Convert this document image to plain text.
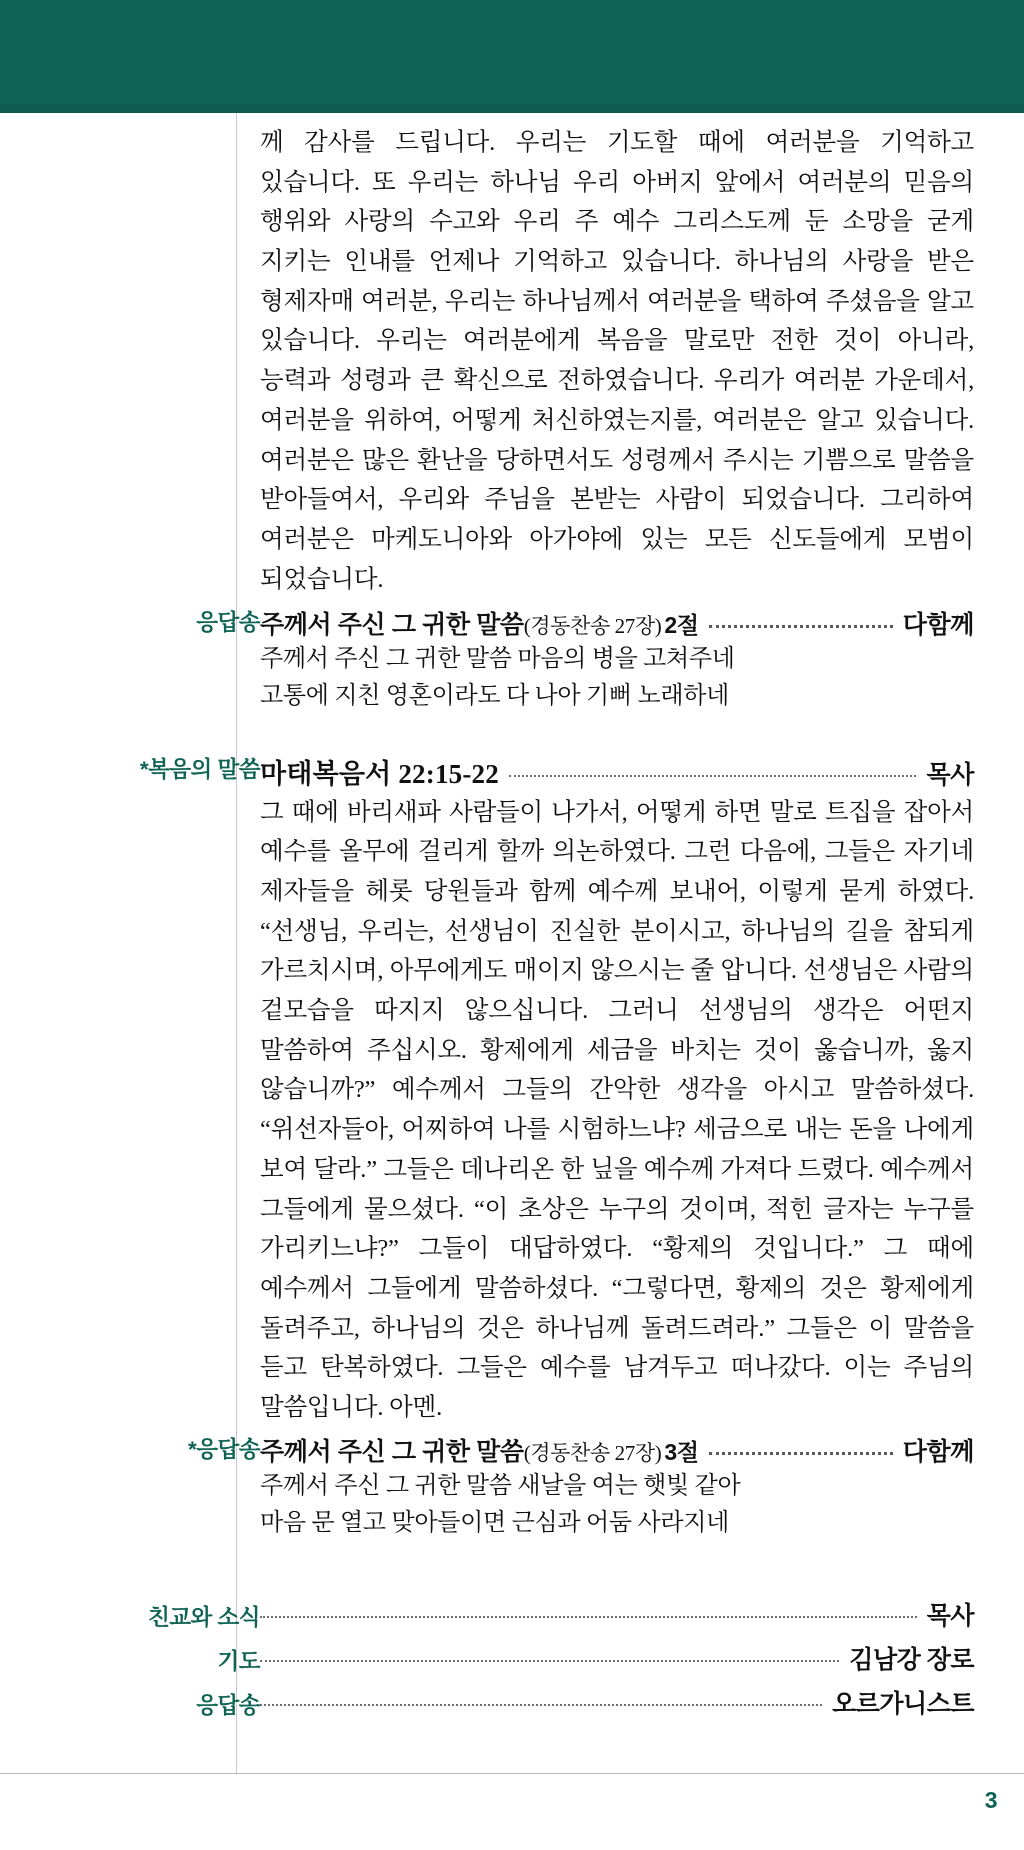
께 감사를 드립니다. 우리는 기도할 때에 여러분을 기억하고 있습니다. 또 우리는 하나님 우리 아버지 앞에서 여러분의 믿음의 행위와 사랑의 수고와 우리 주 예수 그리스도께 둔 소망을 굳게 지키는 인내를 언제나 기억하고 있습니다. 하나님의 사랑을 받은 형제자매 여러분, 우리는 하나님께서 여러분을 택하여 주셨음을 알고 있습니다. 우리는 여러분에게 복음을 말로만 전한 것이 아니라, 능력과 성령과 큰 확신으로 전하였습니다. 우리가 여러분 가운데서, 여러분을 위하여, 어떻게 처신하였는지를, 여러분은 알고 있습니다. 여러분은 많은 환난을 당하면서도 성령께서 주시는 기쁨으로 말씀을 받아들여서, 우리와 주님을 본받는 사람이 되었습니다. 그리하여 여러분은 마케도니아와 아가야에 있는 모든 신도들에게 모범이 되었습니다.
응답송 주께서 주신 그 귀한 말씀 (경동찬송 27장) 2절	다함께
주께서 주신 그 귀한 말씀 마음의 병을 고쳐주네
고통에 지친 영혼이라도 다 나아 기뻐 노래하네
*복음의 말씀 마태복음서 22:15-22	목사
그 때에 바리새파 사람들이 나가서, 어떻게 하면 말로 트집을 잡아서 예수를 올무에 걸리게 할까 의논하였다. 그런 다음에, 그들은 자기네 제자들을 헤롯 당원들과 함께 예수께 보내어, 이렇게 묻게 하였다. “선생님, 우리는, 선생님이 진실한 분이시고, 하나님의 길을 참되게 가르치시며, 아무에게도 매이지 않으시는 줄 압니다. 선생님은 사람의 겉모습을 따지지 않으십니다. 그러니 선생님의 생각은 어떤지 말씀하여 주십시오. 황제에게 세금을 바치는 것이 옳습니까, 옳지 않습니까?” 예수께서 그들의 간악한 생각을 아시고 말씀하셨다. “위선자들아, 어찌하여 나를 시험하느냐? 세금으로 내는 돈을 나에게 보여 달라.” 그들은 데나리온 한 닢을 예수께 가져다 드렸다. 예수께서 그들에게 물으셨다. “이 초상은 누구의 것이며, 적힌 글자는 누구를 가리키느냐?” 그들이 대답하였다. “황제의 것입니다.” 그 때에 예수께서 그들에게 말씀하셨다. “그렇다면, 황제의 것은 황제에게 돌려주고, 하나님의 것은 하나님께 돌려드려라.” 그들은 이 말씀을 듣고 탄복하였다. 그들은 예수를 남겨두고 떠나갔다. 이는 주님의 말씀입니다. 아멘.
*응답송 주께서 주신 그 귀한 말씀 (경동찬송 27장) 3절	다함께
주께서 주신 그 귀한 말씀 새날을 여는 햇빛 같아
마음 문 열고 맞아들이면 근심과 어둠 사라지네
친교와 소식	목사
기도	김남강 장로
응답송	오르가니스트
3
